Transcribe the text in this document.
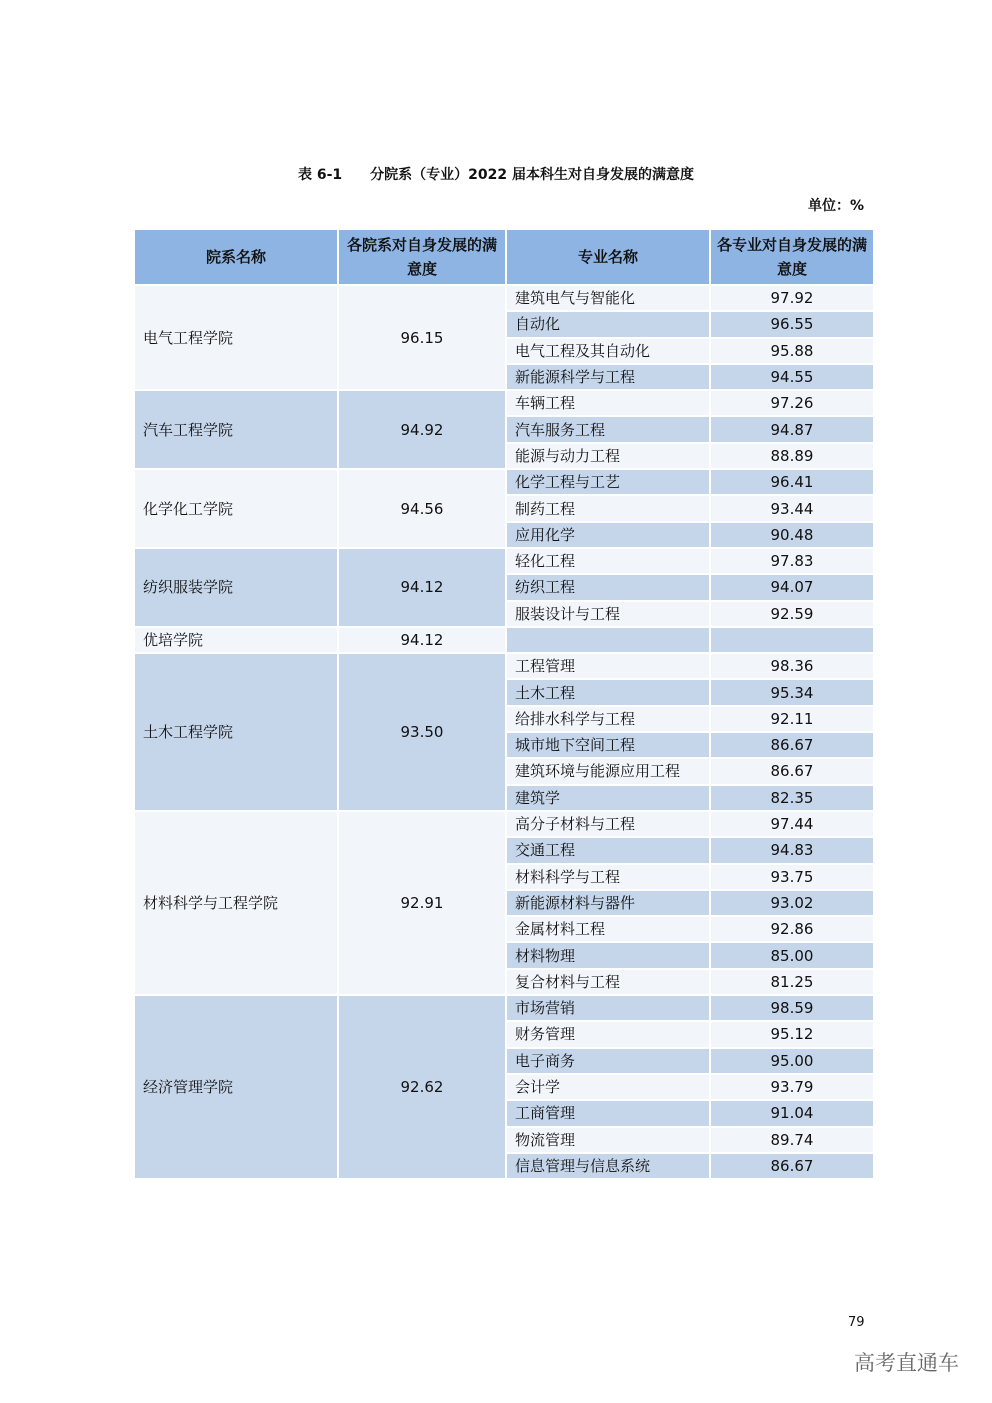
表 6-1 分院系（专业）2022 届本科生对自身发展的满意度
单位：%
院系名称	各院系对自身发展的满意度	专业名称	各专业对自身发展的满意度
电气工程学院	96.15	建筑电气与智能化	97.92
		自动化	96.55
		电气工程及其自动化	95.88
		新能源科学与工程	94.55
汽车工程学院	94.92	车辆工程	97.26
		汽车服务工程	94.87
		能源与动力工程	88.89
化学化工学院	94.56	化学工程与工艺	96.41
		制药工程	93.44
		应用化学	90.48
纺织服装学院	94.12	轻化工程	97.83
		纺织工程	94.07
		服装设计与工程	92.59
优培学院	94.12		
土木工程学院	93.50	工程管理	98.36
		土木工程	95.34
		给排水科学与工程	92.11
		城市地下空间工程	86.67
		建筑环境与能源应用工程	86.67
		建筑学	82.35
材料科学与工程学院	92.91	高分子材料与工程	97.44
		交通工程	94.83
		材料科学与工程	93.75
		新能源材料与器件	93.02
		金属材料工程	92.86
		材料物理	85.00
		复合材料与工程	81.25
经济管理学院	92.62	市场营销	98.59
		财务管理	95.12
		电子商务	95.00
		会计学	93.79
		工商管理	91.04
		物流管理	89.74
		信息管理与信息系统	86.67
79
高考直通车
